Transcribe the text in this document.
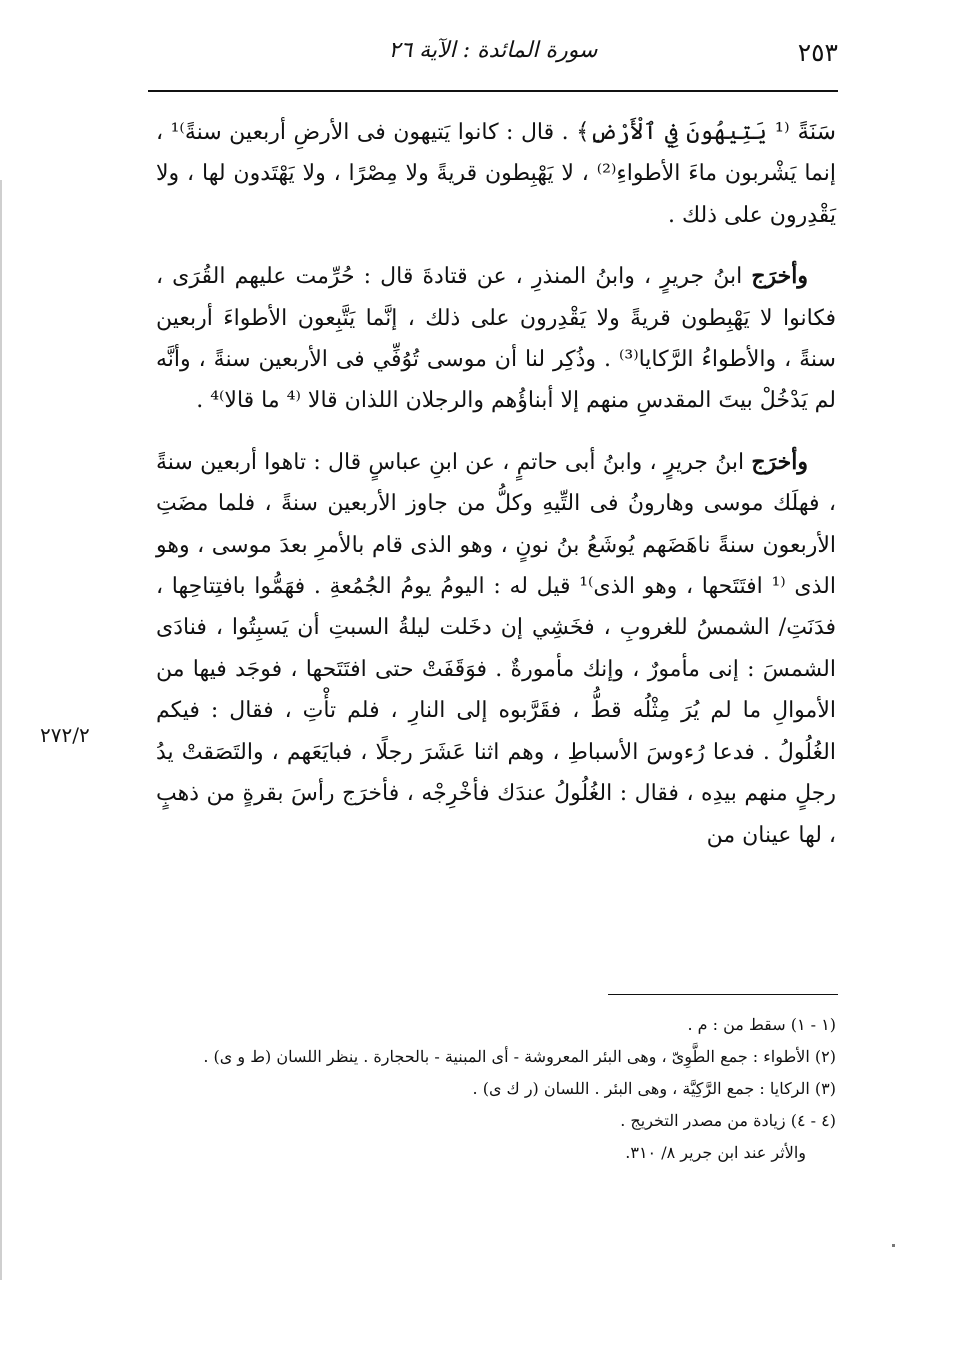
٢٥٣
سورة المائدة : الآية ٢٦

سَنَةً ⁽¹ يَتِيهُونَ فِي ٱلْأَرْضِ﴾ . قال : كانوا يَتيهون فى الأرضِ أربعين سنةً⁾¹ ، إنما يَشْربون ماءَ الأطواءِ⁽²⁾ ، لا يَهْبِطون قريةً ولا مِصْرًا ، ولا يَهْتَدون لها ، ولا يَقْدِرون على ذلك .

وأخرَج ابنُ جريرٍ ، وابنُ المنذرِ ، عن قتادةَ قال : حُرِّمت عليهم القُرَى ، فكانوا لا يَهْبِطون قريةً ولا يَقْدِرون على ذلك ، إنَّما يَتَّبِعون الأطواءَ أربعين سنةً ، والأطواءُ الرَّكايا⁽³⁾ . وذُكِر لنا أن موسى تُوُفِّي فى الأربعين سنةً ، وأنَّه لم يَدْخُلْ بيتَ المقدسِ منهم إلا أبناؤُهم والرجلان اللذان قالا ⁽⁴ ما قالا⁾⁴ .

وأخرَج ابنُ جريرٍ ، وابنُ أبى حاتمٍ ، عن ابنِ عباسٍ قال : تاهوا أربعين سنةً ، فهلَك موسى وهارونُ فى التِّيهِ وكلُّ من جاوز الأربعين سنةً ، فلما مضَتِ الأربعون سنةً ناهَضَهم يُوشَعُ بنُ نونٍ ، وهو الذى قام بالأمرِ بعدَ موسى ، وهو الذى ⁽¹ افتَتَحها ، وهو الذى⁾¹ قيل له : اليومُ يومُ الجُمُعةِ . فهَمُّوا بافتِتاحِها ، فدَنَتِ/ الشمسُ للغروبِ ، فخَشِي إن دخَلت ليلةُ السبتِ أن يَسبِتُوا ، فنادَى الشمسَ : إنى مأمورٌ ، وإنك مأمورةٌ . فوَقَفَتْ حتى افتَتَحها ، فوجَد فيها من الأموالِ ما لم يُرَ مِثْلُه قطُّ ، فقَرَّبوه إلى النارِ ، فلم تأْتِ ، فقال : فيكم الغُلُولُ . فدعا رُءوسَ الأسباطِ ، وهم اثنا عَشَرَ رجلًا ، فبايَعَهم ، والتَصَقتْ يدُ رجلٍ منهم بيدِه ، فقال : الغُلُولُ عندَك فأخْرِجْه ، فأخرَج رأسَ بقرةٍ من ذهبٍ ، لها عينان من

٢٧٢/٢

(١ - ١) سقط من : م .

(٢) الأطواء : جمع الطَّوِىّ ، وهى البئر المعروشة - أى المبنية - بالحجارة . ينظر اللسان (ط و ى) .

(٣) الركايا : جمع الرَّكِيَّة ، وهى البئر . اللسان (ر ك ى) .

(٤ - ٤) زيادة من مصدر التخريج .

والأثر عند ابن جرير ٨/ ٣١٠.
